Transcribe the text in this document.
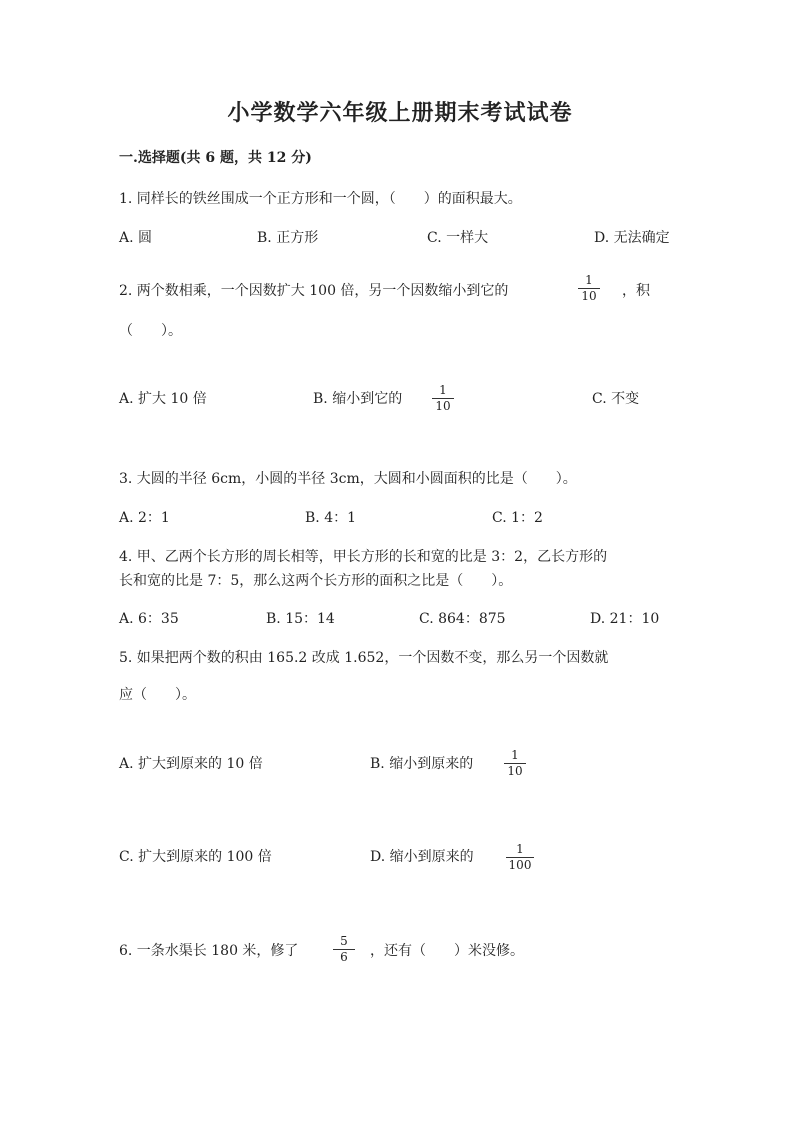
小学数学六年级上册期末考试试卷
一.选择题(共 6 题，共 12 分)
1. 同样长的铁丝围成一个正方形和一个圆，（　　）的面积最大。
A. 圆	B. 正方形	C. 一样大	D. 无法确定
2. 两个数相乘，一个因数扩大 100 倍，另一个因数缩小到它的
1
10	，积
（　　）。
A. 扩大 10 倍	B. 缩小到它的
1
10	C. 不变
3. 大圆的半径 6cm，小圆的半径 3cm，大圆和小圆面积的比是（　　）。
A. 2：1	B. 4：1	C. 1：2
4. 甲、乙两个长方形的周长相等，甲长方形的长和宽的比是 3：2，乙长方形的
长和宽的比是 7：5，那么这两个长方形的面积之比是（　　）。
A. 6：35	B. 15：14	C. 864：875	D. 21：10
5. 如果把两个数的积由 165.2 改成 1.652，一个因数不变，那么另一个因数就
应（　　）。
A. 扩大到原来的 10 倍	B. 缩小到原来的
1
10
C. 扩大到原来的 100 倍	D. 缩小到原来的	1
100
6. 一条水渠长 180 米，修了
5
6	，还有（　　）米没修。
